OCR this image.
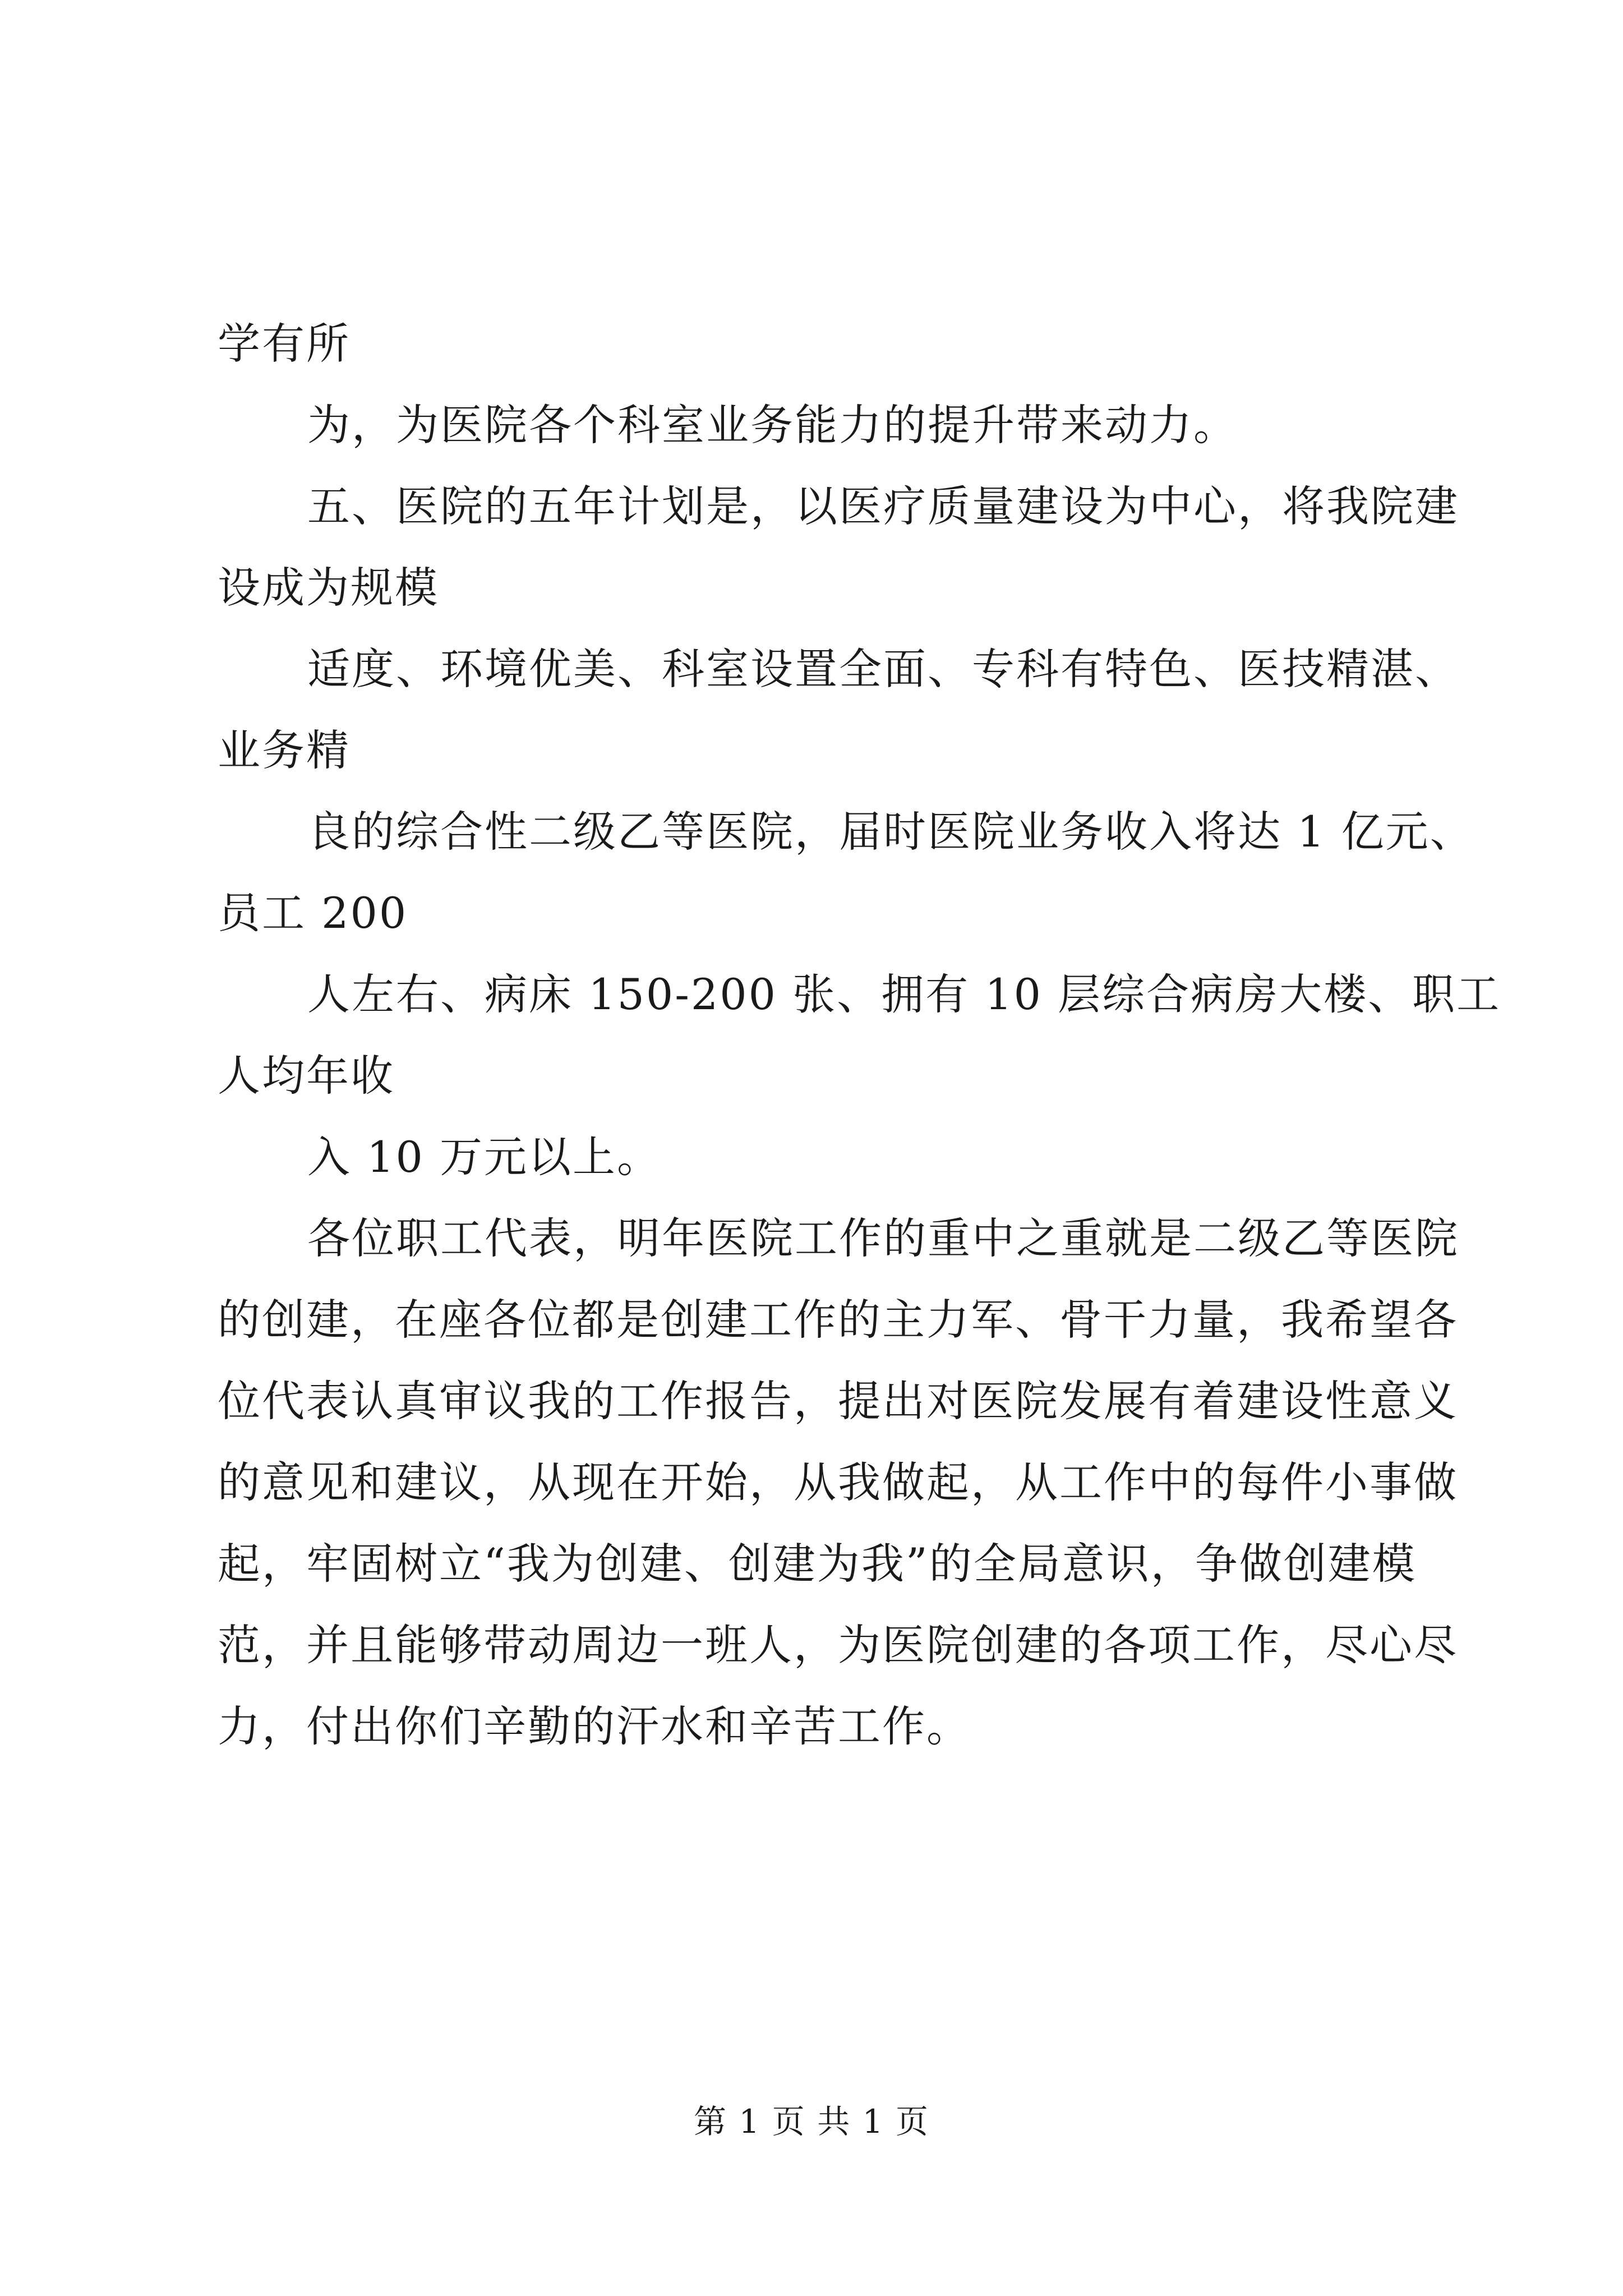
学有所
为，为医院各个科室业务能力的提升带来动力。
五、医院的五年计划是，以医疗质量建设为中心，将我院建
设成为规模
适度、环境优美、科室设置全面、专科有特色、医技精湛、
业务精
良的综合性二级乙等医院，届时医院业务收入将达 1 亿元、
员工 200
人左右、病床 150-200 张、拥有 10 层综合病房大楼、职工
人均年收
入 10 万元以上。
各位职工代表，明年医院工作的重中之重就是二级乙等医院
的创建，在座各位都是创建工作的主力军、骨干力量，我希望各
位代表认真审议我的工作报告，提出对医院发展有着建设性意义
的意见和建议，从现在开始，从我做起，从工作中的每件小事做
起，牢固树立“我为创建、创建为我”的全局意识，争做创建模
范，并且能够带动周边一班人，为医院创建的各项工作，尽心尽
力，付出你们辛勤的汗水和辛苦工作。
第 1 页 共 1 页
